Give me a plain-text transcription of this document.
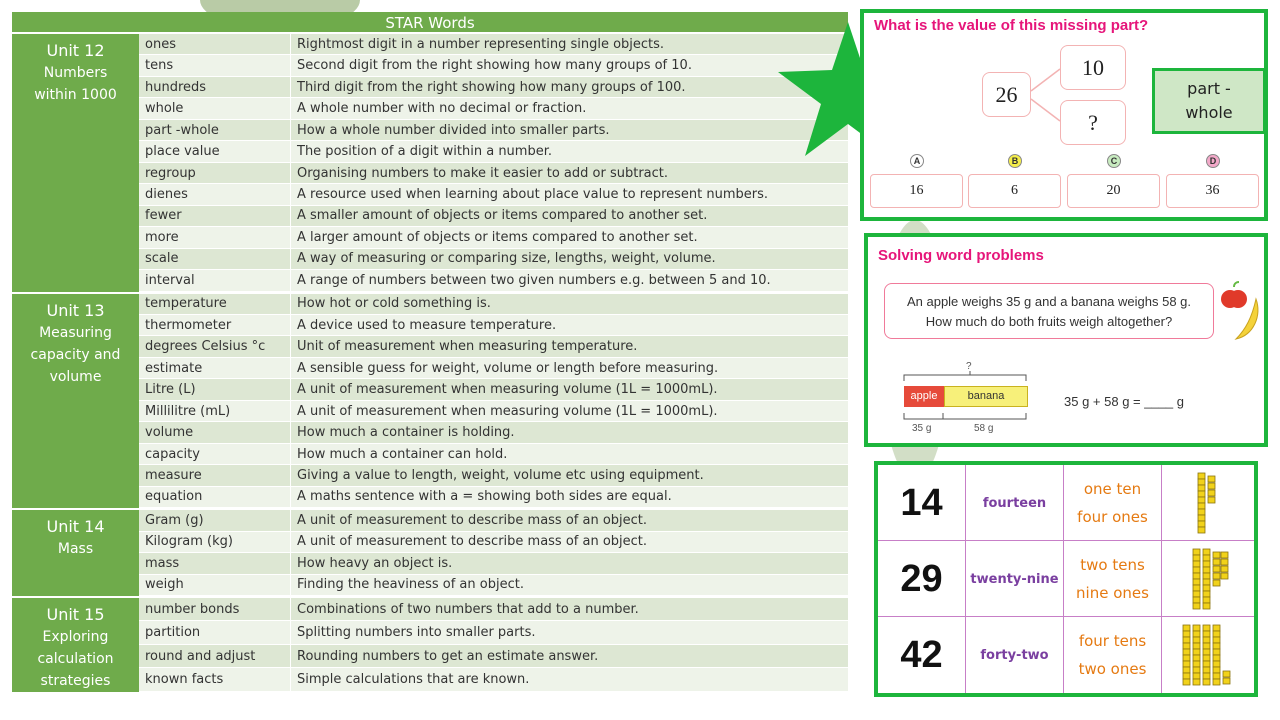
STAR Words
Unit 12
Numbers
within 1000
ones	Rightmost digit in a number representing single objects.
tens	Second digit from the right showing how many groups of 10.
hundreds	Third digit from the right showing how many groups of 100.
whole	A whole number with no decimal or fraction.
part -whole	How a whole number divided into smaller parts.
place value	The position of a digit within a number.
regroup	Organising numbers to make it easier to add or subtract.
dienes	A resource used when learning about place value to represent numbers.
fewer	A smaller amount of objects or items compared to another set.
more	A larger amount of objects or items compared to another set.
scale	A way of measuring or comparing size, lengths, weight, volume.
interval	A range of numbers between two given numbers e.g. between 5 and 10.
Unit 13
Measuring
capacity and
volume
temperature	How hot or cold something is.
thermometer	A device used to measure temperature.
degrees Celsius °c	Unit of measurement when measuring temperature.
estimate	A sensible guess for weight, volume or length before measuring.
Litre (L)	A unit of measurement when measuring volume (1L = 1000mL).
Millilitre (mL)	A unit of measurement when measuring volume (1L = 1000mL).
volume	How much a container is holding.
capacity	How much a container can hold.
measure	Giving a value to length, weight, volume etc using equipment.
equation	A maths sentence with a = showing both sides are equal.
Unit 14
Mass
Gram (g)	A unit of measurement to describe mass of an object.
Kilogram (kg)	A unit of measurement to describe mass of an object.
mass	How heavy an object is.
weigh	Finding the heaviness of an object.
Unit 15
Exploring
calculation
strategies
number bonds	Combinations of two numbers that add to a number.
partition	Splitting numbers into smaller parts.
round and adjust	Rounding numbers to get an estimate answer.
known facts	Simple calculations that are known.
What is the value of this missing part?
26
10
?
part -
whole
A
16
B
6
C
20
D
36
Solving word problems
An apple weighs 35 g and a banana weighs 58 g.
How much do both fruits weigh altogether?
?
apple	banana
35 g	58 g
35 g + 58 g = ____ g
14	fourteen
one ten
four ones
29	twenty-nine
two tens
nine ones
42	forty-two
four tens
two ones
